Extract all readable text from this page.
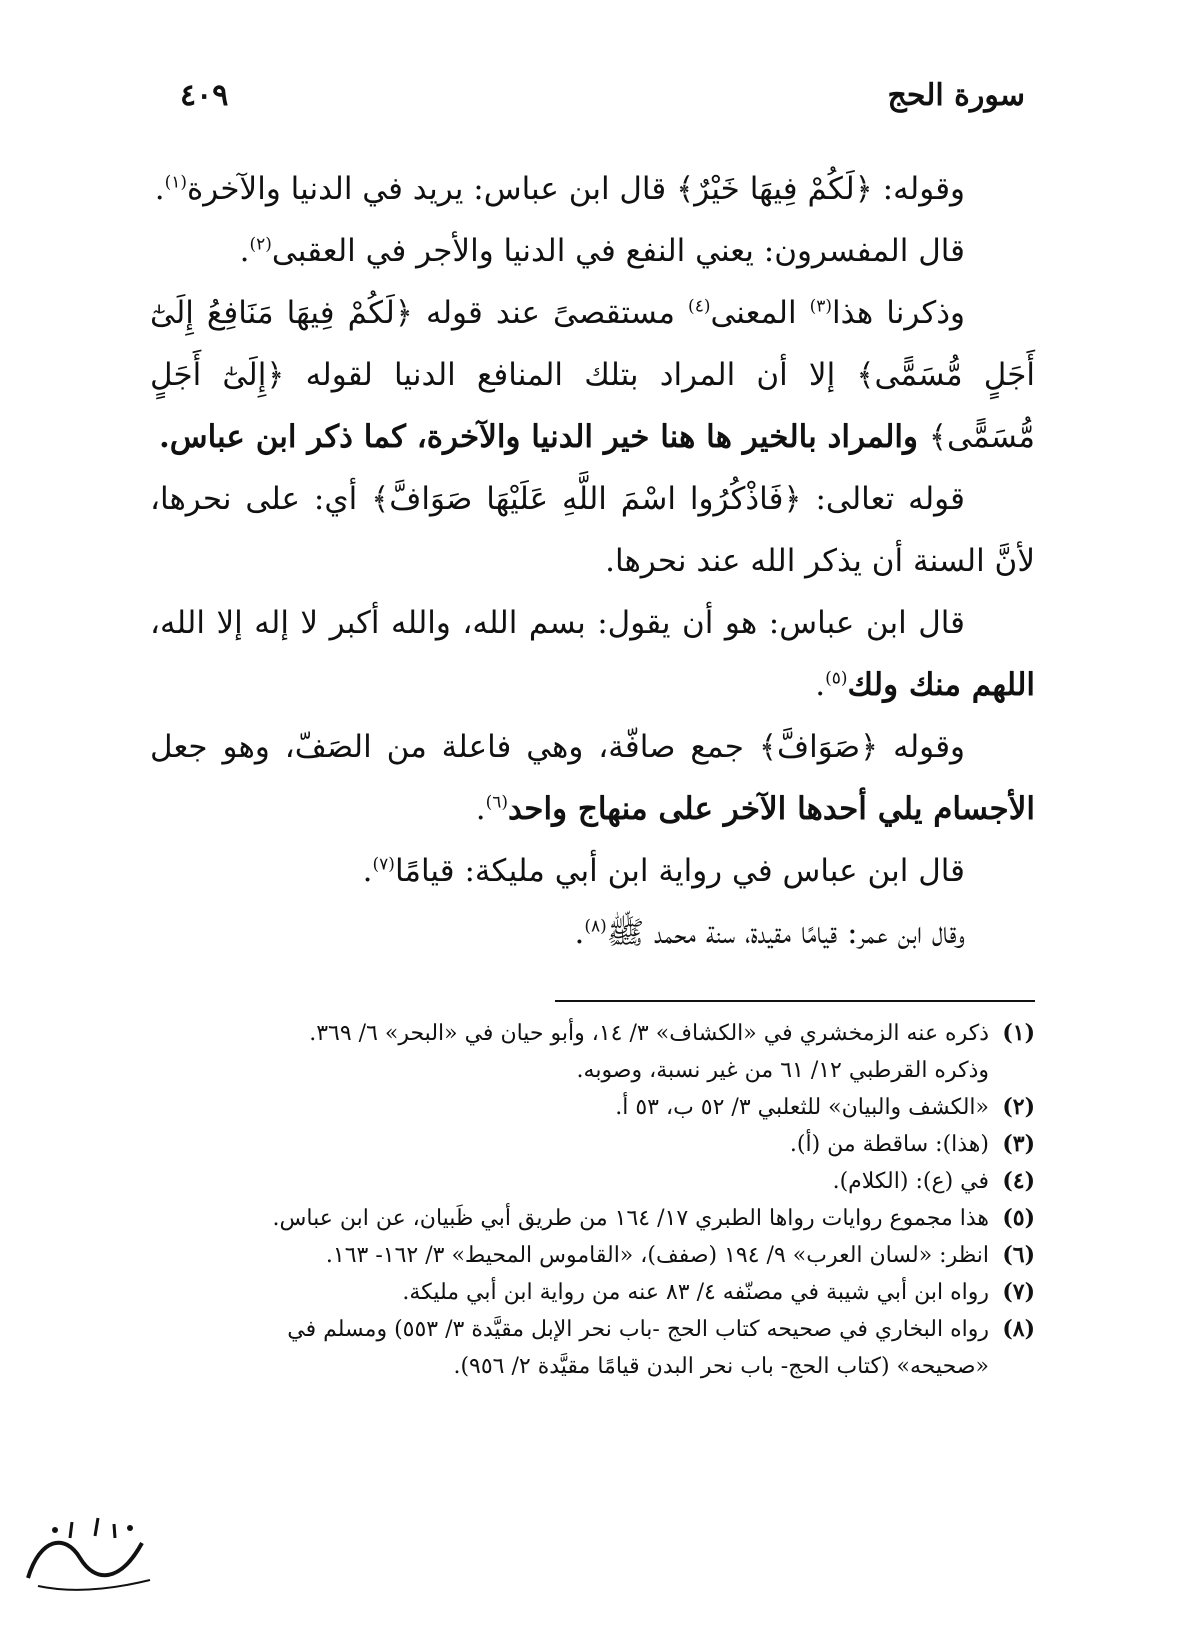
سورة الحج
٤٠٩

وقوله: ﴿لَكُمْ فِيهَا خَيْرٌ﴾ قال ابن عباس: يريد في الدنيا والآخرة$^{(١)}$.

قال المفسرون: يعني النفع في الدنيا والأجر في العقبى$^{(٢)}$.

وذكرنا هذا$^{(٣)}$ المعنى$^{(٤)}$ مستقصىً عند قوله ﴿لَكُمْ فِيهَا مَنَافِعُ إِلَىٰٓ أَجَلٍ مُّسَمًّى﴾ إلا أن المراد بتلك المنافع الدنيا لقوله ﴿إِلَىٰٓ أَجَلٍ مُّسَمًّى﴾ والمراد بالخير ها هنا خير الدنيا والآخرة، كما ذكر ابن عباس.

قوله تعالى: ﴿فَاذْكُرُوا اسْمَ اللَّهِ عَلَيْهَا صَوَافَّ﴾ أي: على نحرها، لأنَّ السنة أن يذكر الله عند نحرها.

قال ابن عباس: هو أن يقول: بسم الله، والله أكبر لا إله إلا الله، اللهم منك ولك$^{(٥)}$.

وقوله ﴿صَوَافَّ﴾ جمع صافّة، وهي فاعلة من الصَفّ، وهو جعل الأجسام يلي أحدها الآخر على منهاج واحد$^{(٦)}$.

قال ابن عباس في رواية ابن أبي مليكة: قيامًا$^{(٧)}$.

وقال ابن عمر: قيامًا مقيدة، سنة محمد ﷺ$^{(٨)}$.

(١)
ذكره عنه الزمخشري في «الكشاف» ٣/ ١٤، وأبو حيان في «البحر» ٦/ ٣٦٩.
وذكره القرطبي ١٢/ ٦١ من غير نسبة، وصوبه.
(٢)
«الكشف والبيان» للثعلبي ٣/ ٥٢ ب، ٥٣ أ.
(٣)
(هذا): ساقطة من (أ).
(٤)
في (ع): (الكلام).
(٥)
هذا مجموع روايات رواها الطبري ١٧/ ١٦٤ من طريق أبي ظَبيان، عن ابن عباس.
(٦)
انظر: «لسان العرب» ٩/ ١٩٤ (صفف)، «القاموس المحيط» ٣/ ١٦٢- ١٦٣.
(٧)
رواه ابن أبي شيبة في مصنّفه ٤/ ٨٣ عنه من رواية ابن أبي مليكة.
(٨)
رواه البخاري في صحيحه كتاب الحج -باب نحر الإبل مقيَّدة ٣/ ٥٥٣) ومسلم في
«صحيحه» (كتاب الحج- باب نحر البدن قيامًا مقيَّدة ٢/ ٩٥٦).
